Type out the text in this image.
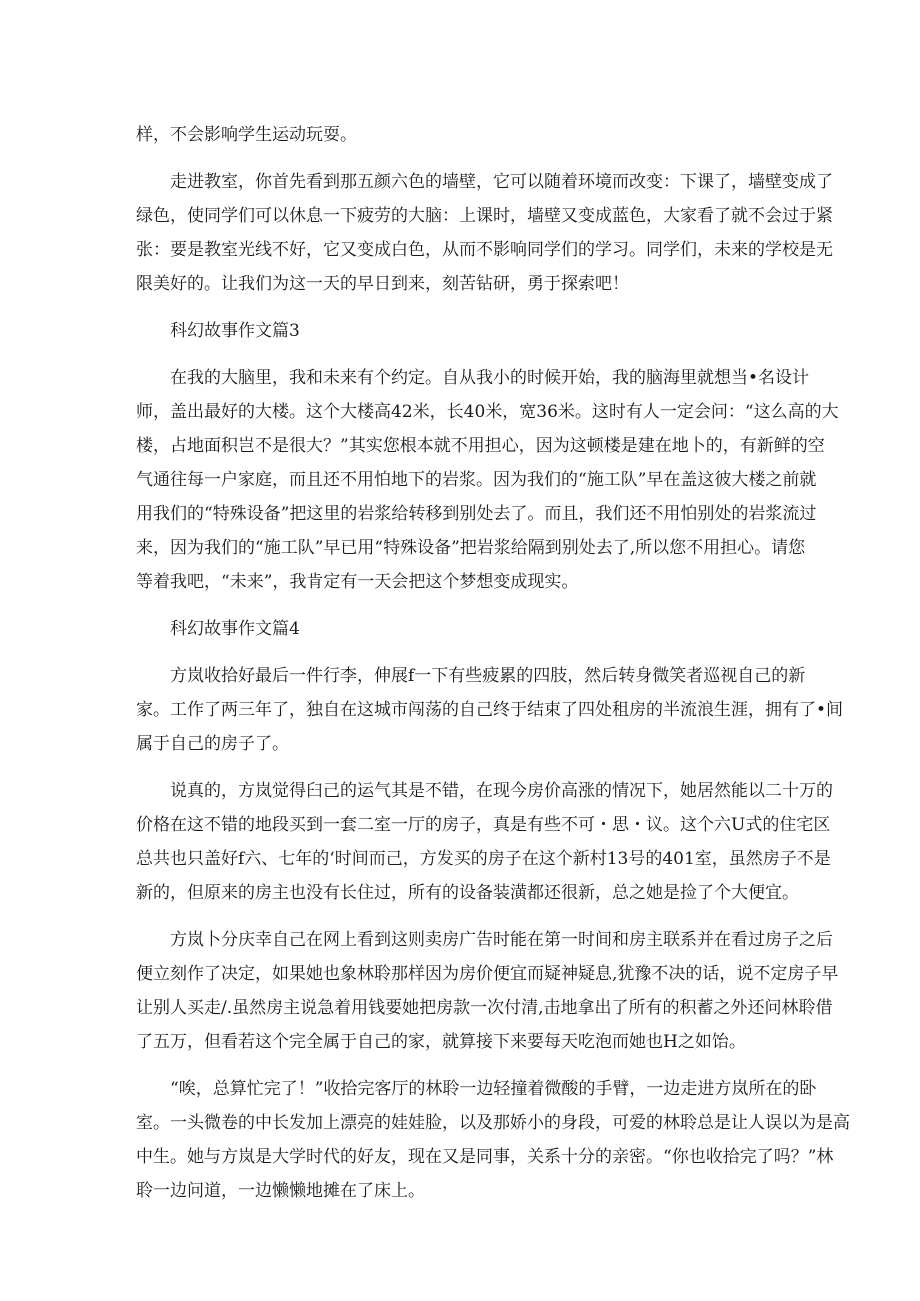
样，不会影响学生运动玩耍。
走进教室，你首先看到那五颜六色的墙壁，它可以随着环境而改变：下课了，墙壁变成了
绿色，使同学们可以休息一下疲劳的大脑：上课时，墙壁又变成蓝色，大家看了就不会过于紧
张：要是教室光线不好，它又变成白色，从而不影响同学们的学习。同学们，未来的学校是无
限美好的。让我们为这一天的早日到来，刻苦钻研，勇于探索吧！
科幻故事作文篇3
在我的大脑里，我和未来有个约定。自从我小的时候开始，我的脑海里就想当•名设计
师，盖出最好的大楼。这个大楼高42米，长40米，宽36米。这时有人一定会问：“这么高的大
楼，占地面积岂不是很大？”其实您根本就不用担心，因为这顿楼是建在地卜的，有新鲜的空
气通往每一户家庭，而且还不用怕地下的岩浆。因为我们的“施工队”早在盖这彼大楼之前就
用我们的“特殊设备”把这里的岩浆给转移到别处去了。而且，我们还不用怕别处的岩浆流过
来，因为我们的“施工队”早已用“特殊设备”把岩浆给隔到别处去了,所以您不用担心。请您
等着我吧，“未来”，我肯定有一天会把这个梦想变成现实。
科幻故事作文篇4
方岚收拾好最后一件行李，伸展f一下有些疲累的四肢，然后转身微笑者巡视自己的新
家。工作了两三年了，独自在这城市闯荡的自己终于结束了四处租房的半流浪生涯，拥有了•间
属于自己的房子了。
说真的，方岚觉得臼己的运气其是不错，在现今房价高涨的情况下，她居然能以二十万的
价格在这不错的地段买到一套二室一厅的房子，真是有些不可・思・议。这个六U式的住宅区
总共也只盖好f六、七年的‘时间而己，方发买的房子在这个新村13号的401室，虽然房子不是
新的，但原来的房主也没有长住过，所有的设备装潢都还很新，总之她是捡了个大便宜。
方岚卜分庆幸自己在网上看到这则卖房广告时能在第一时间和房主联系并在看过房子之后
便立刻作了决定，如果她也象林聆那样因为房价便宜而疑神疑息,犹豫不决的话，说不定房子早
让别人买走/.虽然房主说急着用钱要她把房款一次付清,击地拿出了所有的积蓄之外还问林聆借
了五万，但看若这个完全属于自己的家，就算接下来要每天吃泡而她也H之如饴。
“唉，总算忙完了！”收拾完客厅的林聆一边轻撞着微酸的手臂，一边走进方岚所在的卧
室。一头微卷的中长发加上漂亮的娃娃脸，以及那娇小的身段，可爱的林聆总是让人误以为是高
中生。她与方岚是大学时代的好友，现在又是同事，关系十分的亲密。“你也收拾完了吗？”林
聆一边问道，一边懒懒地摊在了床上。
